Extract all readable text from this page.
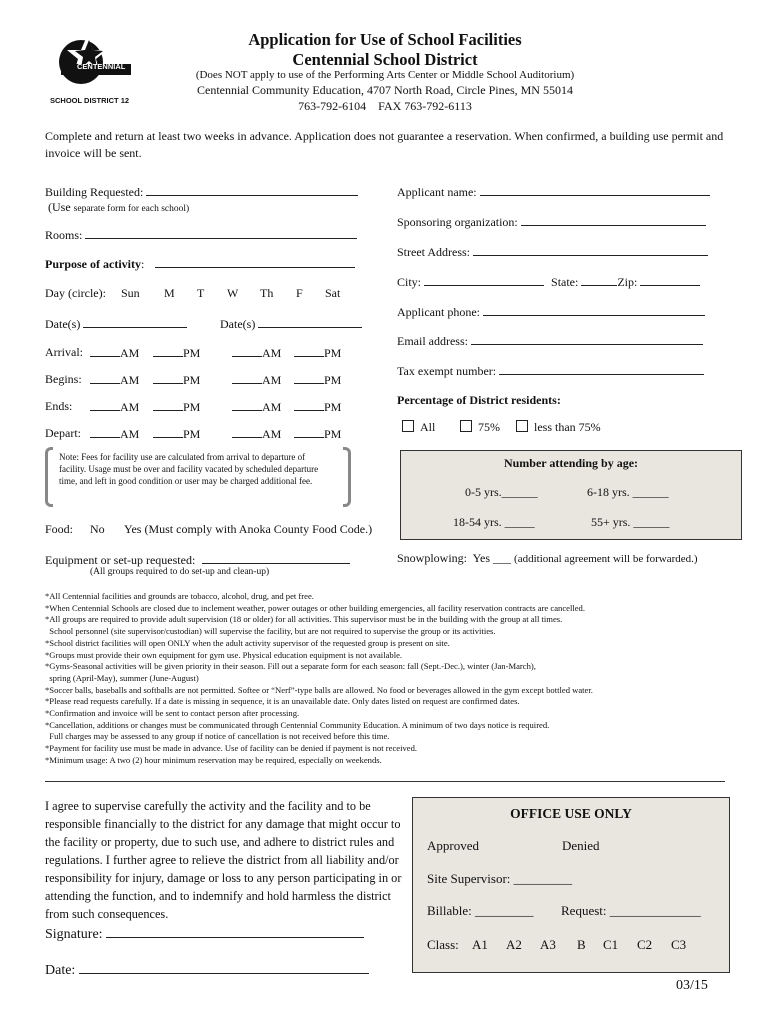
CENTENNIAL
SCHOOL DISTRICT 12
Application for Use of School Facilities
Centennial School District
(Does NOT apply to use of the Performing Arts Center or Middle School Auditorium)
Centennial Community Education, 4707 North Road, Circle Pines, MN 55014
763-792-6104    FAX 763-792-6113
Complete and return at least two weeks in advance. Application does not guarantee a reservation. When confirmed, a building use permit and invoice will be sent.
Building Requested:
(Use separate form for each school)
Rooms:
Purpose of activity:
Day (circle): Sun M T W Th F Sat
Date(s)	Date(s)
Arrival:	AM	PM	AM	PM
Begins:	AM	PM	AM	PM
Ends:	AM	PM	AM	PM
Depart:	AM	PM	AM	PM
Note: Fees for facility use are calculated from arrival to departure of facility. Usage must be over and facility vacated by scheduled departure time, and left in good condition or user may be charged additional fee.
Food: No Yes (Must comply with Anoka County Food Code.)
Equipment or set-up requested:
(All groups required to do set-up and clean-up)
Applicant name:
Sponsoring organization:
Street Address:
City:	State:	Zip:
Applicant phone:
Email address:
Tax exempt number:
Percentage of District residents:
All	75%	less than 75%
Number attending by age:
0-5 yrs.______	6-18 yrs. ______
18-54 yrs. _____	55+ yrs. ______
Snowplowing:  Yes ___ (additional agreement will be forwarded.)
*All Centennial facilities and grounds are tobacco, alcohol, drug, and pet free.
*When Centennial Schools are closed due to inclement weather, power outages or other building emergencies, all facility reservation contracts are cancelled.
*All groups are required to provide adult supervision (18 or older) for all activities. This supervisor must be in the building with the group at all times.
School personnel (site supervisor/custodian) will supervise the facility, but are not required to supervise the group or its activities.
*School district facilities will open ONLY when the adult activity supervisor of the requested group is present on site.
*Groups must provide their own equipment for gym use. Physical education equipment is not available.
*Gyms-Seasonal activities will be given priority in their season. Fill out a separate form for each season: fall (Sept.-Dec.), winter (Jan-March),
spring (April-May), summer (June-August)
*Soccer balls, baseballs and softballs are not permitted. Softee or “Nerf”-type balls are allowed. No food or beverages allowed in the gym except bottled water.
*Please read requests carefully. If a date is missing in sequence, it is an unavailable date. Only dates listed on request are confirmed dates.
*Confirmation and invoice will be sent to contact person after processing.
*Cancellation, additions or changes must be communicated through Centennial Community Education. A minimum of two days notice is required.
Full charges may be assessed to any group if notice of cancellation is not received before this time.
*Payment for facility use must be made in advance. Use of facility can be denied if payment is not received.
*Minimum usage: A two (2) hour minimum reservation may be required, especially on weekends.
I agree to supervise carefully the activity and the facility and to be responsible financially to the district for any damage that might occur to the facility or property, due to such use, and adhere to district rules and regulations. I further agree to relieve the district from all liability and/or responsibility for injury, damage or loss to any person participating in or attending the function, and to indemnify and hold harmless the district from such consequences.
Signature:
Date:
OFFICE USE ONLY
Approved	Denied
Site Supervisor: _________
Billable: _________ Request: ______________
Class: A1 A2 A3 B C1 C2 C3
03/15
